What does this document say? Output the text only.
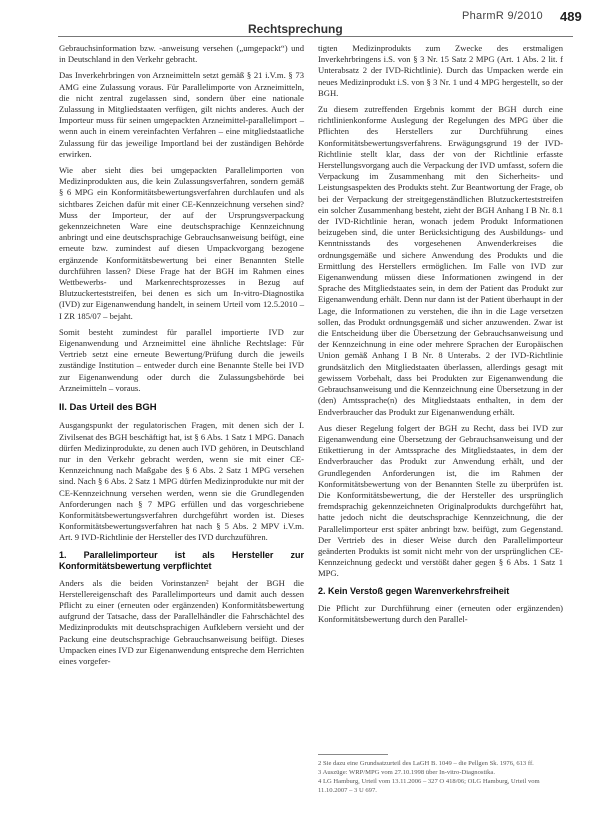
Rechtsprechung
PharmR 9/2010 489

Gebrauchsinformation bzw. -anweisung versehen („umgepackt“) und in Deutschland in den Verkehr gebracht.

Das Inverkehrbringen von Arzneimitteln setzt gemäß § 21 i.V.m. § 73 AMG eine Zulassung voraus. Für Parallelimporte von Arzneimitteln, die nicht zentral zugelassen sind, sondern über eine nationale Zulassung in Mitgliedstaaten verfügen, gilt nichts anderes. Auch der Importeur muss für seinen umgepackten Arzneimittel-parallelimport – wenn auch in einem vereinfachten Verfahren – eine mitgliedstaatliche Zulassung für das jeweilige Importland bei der zuständigen Behörde erwirken.

Wie aber sieht dies bei umgepackten Parallelimporten von Medizinprodukten aus, die kein Zulassungsverfahren, sondern gemäß § 6 MPG ein Konformitätsbewertungsverfahren durchlaufen und als sichtbares Zeichen dafür mit einer CE-Kennzeichnung versehen sind? Muss der Importeur, der auf der Ursprungsverpackung gekennzeichneten Ware eine deutschsprachige Kennzeichnung anbringt und eine deutschsprachige Gebrauchsanweisung beifügt, eine erneute bzw. zumindest auf diesen Umpackvorgang bezogene ergänzende Konformitätsbewertung bei einer Benannten Stelle durchführen lassen? Diese Frage hat der BGH im Rahmen eines Wettbewerbs- und Markenrechtsprozesses in Bezug auf Blutzuckerteststreifen, bei denen es sich um In-vitro-Diagnostika (IVD) zur Eigenanwendung handelt, in seinem Urteil vom 12.5.2010 – I ZR 185/07 – bejaht.

Somit besteht zumindest für parallel importierte IVD zur Eigenanwendung und Arzneimittel eine ähnliche Rechtslage: Für Vertrieb setzt eine erneute Bewertung/Prüfung durch die jeweils zuständige Institution – entweder durch eine Benannte Stelle bei IVD zur Eigenanwendung oder durch die Zulassungsbehörde bei Arzneimitteln – voraus.

II. Das Urteil des BGH

Ausgangspunkt der regulatorischen Fragen, mit denen sich der I. Zivilsenat des BGH beschäftigt hat, ist § 6 Abs. 1 Satz 1 MPG. Danach dürfen Medizinprodukte, zu denen auch IVD gehören, in Deutschland nur in den Verkehr gebracht werden, wenn sie mit einer CE-Kennzeichnung nach Maßgabe des § 6 Abs. 2 Satz 1 MPG versehen sind. Nach § 6 Abs. 2 Satz 1 MPG dürfen Medizinprodukte nur mit der CE-Kennzeichnung versehen werden, wenn sie die Grundlegenden Anforderungen nach § 7 MPG erfüllen und das vorgeschriebene Konformitätsbewertungsverfahren durchgeführt worden ist. Dieses Konformitätsbewertungsverfahren hat nach § 5 Abs. 2 MPV i.V.m. Art. 9 IVD-Richtlinie der Hersteller des IVD durchzuführen.

1. Parallelimporteur ist als Hersteller zur Konformitätsbewertung verpflichtet

Anders als die beiden Vorinstanzen² bejaht der BGH die Herstellereigenschaft des Parallelimporteurs und damit auch dessen Pflicht zu einer (erneuten oder ergänzenden) Konformitätsbewertung aufgrund der Tatsache, dass der Parallelhändler die Fahrschächtel des Medizinprodukts mit deutschsprachigen Aufklebern versieht und der Packung eine deutschsprachige Gebrauchsanweisung beifügt. Dieses Umpacken eines IVD zur Eigenanwendung entspreche dem Herrichten eines vorgefer-

tigten Medizinprodukts zum Zwecke des erstmaligen Inverkehrbringens i.S. von § 3 Nr. 15 Satz 2 MPG (Art. 1 Abs. 2 lit. f Unterabsatz 2 der IVD-Richtlinie). Durch das Umpacken werde ein neues Medizinprodukt i.S. von § 3 Nr. 1 und 4 MPG hergestellt, so der BGH.

Zu diesem zutreffenden Ergebnis kommt der BGH durch eine richtlinienkonforme Auslegung der Regelungen des MPG über die Pflichten des Herstellers zur Durchführung eines Konformitätsbewertungsverfahrens. Erwägungsgrund 19 der IVD-Richtlinie stellt klar, dass der von der Richtlinie erfasste Herstellungsvorgang auch die Verpackung der IVD umfasst, sofern die Verpackung im Zusammenhang mit den Sicherheits- und Leistungsaspekten des Produkts steht. Zur Beantwortung der Frage, ob bei der Verpackung der streitgegenständlichen Blutzuckerteststreifen ein solcher Zusammenhang besteht, zieht der BGH Anhang I B Nr. 8.1 der IVD-Richtlinie heran, wonach jedem Produkt Informationen beizugeben sind, die unter Berücksichtigung des Ausbildungs- und Kenntnisstands des vorgesehenen Anwenderkreises die ordnungsgemäße und sichere Anwendung des Produkts und die Ermittlung des Herstellers ermöglichen. Im Falle von IVD zur Eigenanwendung müssen diese Informationen zwingend in der Sprache des Mitgliedstaates sein, in dem der Patient das Produkt zur Eigenanwendung erhält. Denn nur dann ist der Patient überhaupt in der Lage, die Informationen zu verstehen, die ihn in die Lage versetzen sollen, das Produkt ordnungsgemäß und sicher anzuwenden. Zwar ist die Entscheidung über die Übersetzung der Gebrauchsanweisung und der Kennzeichnung in eine oder mehrere Sprachen der Europäischen Union gemäß Anhang I B Nr. 8 Unterabs. 2 der IVD-Richtlinie grundsätzlich den Mitgliedstaaten überlassen, allerdings gesagt mit gewissem Vorbehalt, dass bei Produkten zur Eigenanwendung die Gebrauchsanweisung und die Kennzeichnung eine Übersetzung in der (den) Amtssprache(n) des Mitgliedstaats enthalten, in dem der Endverbraucher das Produkt zur Eigenanwendung erhält.

Aus dieser Regelung folgert der BGH zu Recht, dass bei IVD zur Eigenanwendung eine Übersetzung der Gebrauchsanweisung und der Etikettierung in der Amtssprache des Mitgliedstaates, in dem der Endverbraucher das Produkt zur Anwendung erhält, und der Grundlegenden Anforderungen ist, die im Rahmen der Konformitätsbewertung von der Benannten Stelle zu überprüfen ist. Die Konformitätsbewertung, die der Hersteller des ursprünglich fremdsprachig gekennzeichneten Originalprodukts durchgeführt hat, hatte jedoch nicht die deutschsprachige Kennzeichnung, die der Parallelimporteur erst später anbringt bzw. beifügt, zum Gegenstand. Der Vertrieb des in dieser Weise durch den Parallelimporteur geänderten Produkts ist somit nicht mehr von der ursprünglichen CE-Kennzeichnung gedeckt und verstößt daher gegen § 6 Abs. 1 Satz 1 MPG.

2. Kein Verstoß gegen Warenverkehrsfreiheit

Die Pflicht zur Durchführung einer (erneuten oder ergänzenden) Konformitätsbewertung durch den Parallel-

2 Sie dazu eine Grundsatzurteil des LaGH B. 1049 – die Pellgen Sk. 1976, 613 ff.
3 Auszüge: WRP/MPG vom 27.10.1998 über In-vitro-Diagnostika.
4 LG Hamburg, Urteil vom 13.11.2006 – 327 O 418/06; OLG Hamburg, Urteil vom 11.10.2007 – 3 U 697.
